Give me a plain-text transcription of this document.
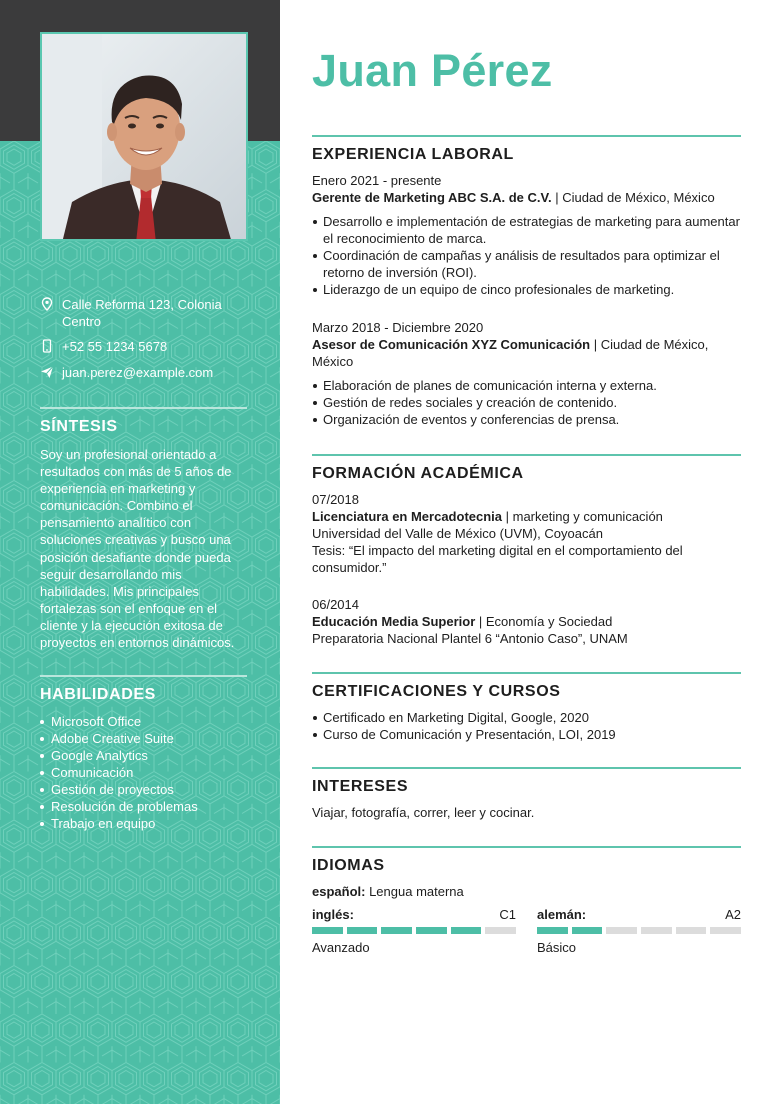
Calle Reforma 123, Colonia Centro
+52 55 1234 5678
juan.perez@example.com
SÍNTESIS
Soy un profesional orientado a resultados con más de 5 años de experiencia en marketing y comunicación. Combino el pensamiento analítico con soluciones creativas y busco una posición desafiante donde pueda seguir desarrollando mis habilidades. Mis principales fortalezas son el enfoque en el cliente y la ejecución exitosa de proyectos en entornos dinámicos.
HABILIDADES
Microsoft Office
Adobe Creative Suite
Google Analytics
Comunicación
Gestión de proyectos
Resolución de problemas
Trabajo en equipo
Juan Pérez
EXPERIENCIA LABORAL
Enero 2021 - presente
Gerente de Marketing ABC S.A. de C.V. | Ciudad de México, México
Desarrollo e implementación de estrategias de marketing para aumentar el reconocimiento de marca.
Coordinación de campañas y análisis de resultados para optimizar el retorno de inversión (ROI).
Liderazgo de un equipo de cinco profesionales de marketing.
Marzo 2018 - Diciembre 2020
Asesor de Comunicación XYZ Comunicación | Ciudad de México, México
Elaboración de planes de comunicación interna y externa.
Gestión de redes sociales y creación de contenido.
Organización de eventos y conferencias de prensa.
FORMACIÓN ACADÉMICA
07/2018
Licenciatura en Mercadotecnia | marketing y comunicación
Universidad del Valle de México (UVM), Coyoacán
Tesis: “El impacto del marketing digital en el comportamiento del consumidor.”
06/2014
Educación Media Superior | Economía y Sociedad
Preparatoria Nacional Plantel 6 “Antonio Caso”, UNAM
CERTIFICACIONES Y CURSOS
Certificado en Marketing Digital, Google, 2020
Curso de Comunicación y Presentación, LOI, 2019
INTERESES
Viajar, fotografía, correr, leer y cocinar.
IDIOMAS
español: Lengua materna
inglés:	C1
Avanzado
alemán:	A2
Básico
